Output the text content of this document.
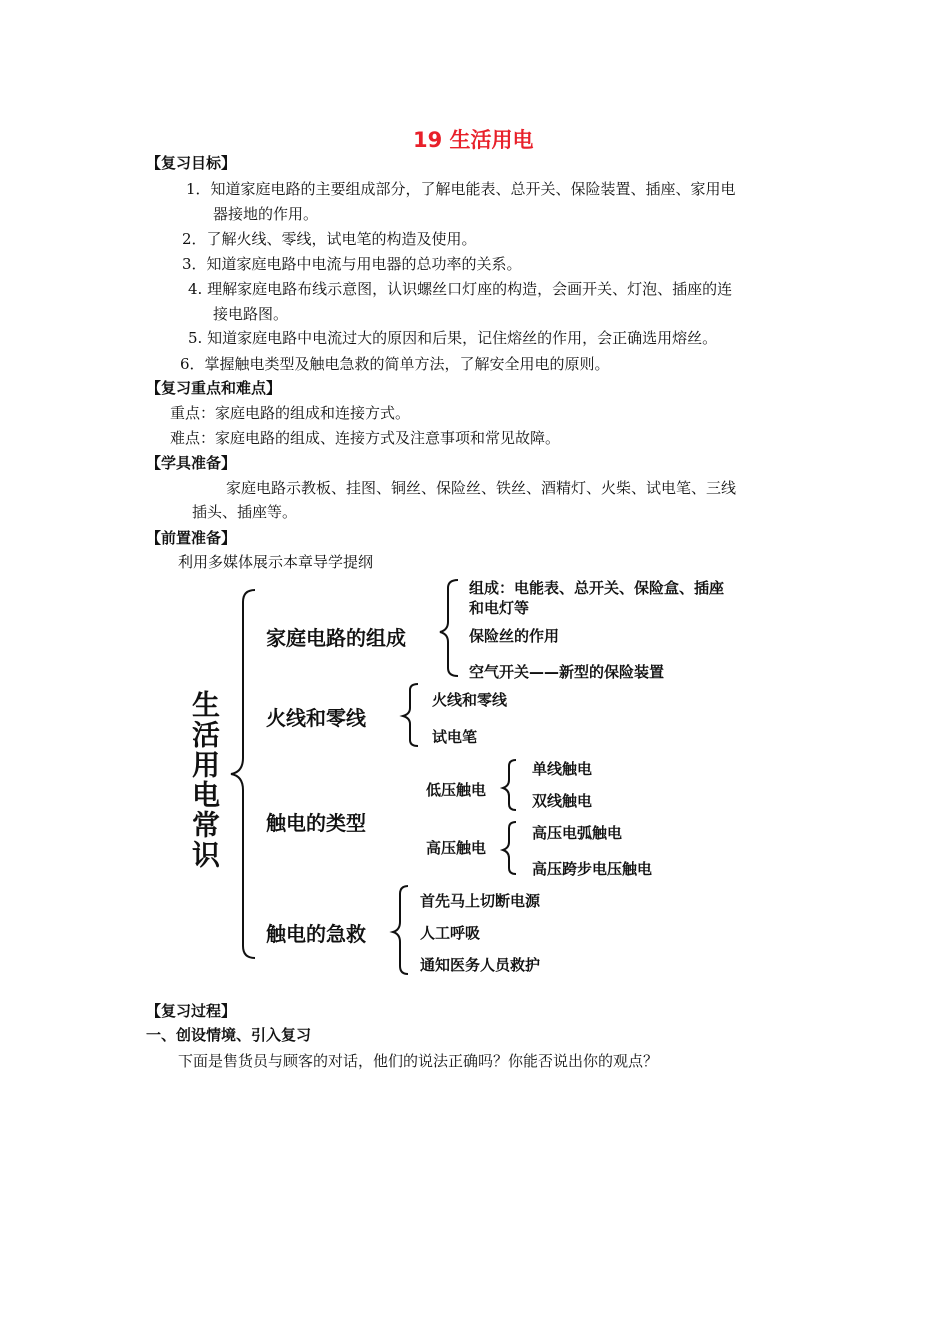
19 生活用电
【复习目标】
1．知道家庭电路的主要组成部分，了解电能表、总开关、保险装置、插座、家用电
器接地的作用。
2．了解火线、零线，试电笔的构造及使用。
3．知道家庭电路中电流与用电器的总功率的关系。
4. 理解家庭电路布线示意图，认识螺丝口灯座的构造，会画开关、灯泡、插座的连
接电路图。
5. 知道家庭电路中电流过大的原因和后果，记住熔丝的作用，会正确选用熔丝。
6．掌握触电类型及触电急救的简单方法，了解安全用电的原则。
【复习重点和难点】
重点：家庭电路的组成和连接方式。
难点：家庭电路的组成、连接方式及注意事项和常见故障。
【学具准备】
家庭电路示教板、挂图、铜丝、保险丝、铁丝、酒精灯、火柴、试电笔、三线
插头、插座等。
【前置准备】
利用多媒体展示本章导学提纲
生活用电常识
家庭电路的组成
组成：电能表、总开关、保险盒、插座
和电灯等
保险丝的作用
空气开关——新型的保险装置
火线和零线
火线和零线
试电笔
触电的类型
低压触电
单线触电
双线触电
高压触电
高压电弧触电
高压跨步电压触电
触电的急救
首先马上切断电源
人工呼吸
通知医务人员救护
【复习过程】
一、创设情境、引入复习
下面是售货员与顾客的对话，他们的说法正确吗？你能否说出你的观点？
